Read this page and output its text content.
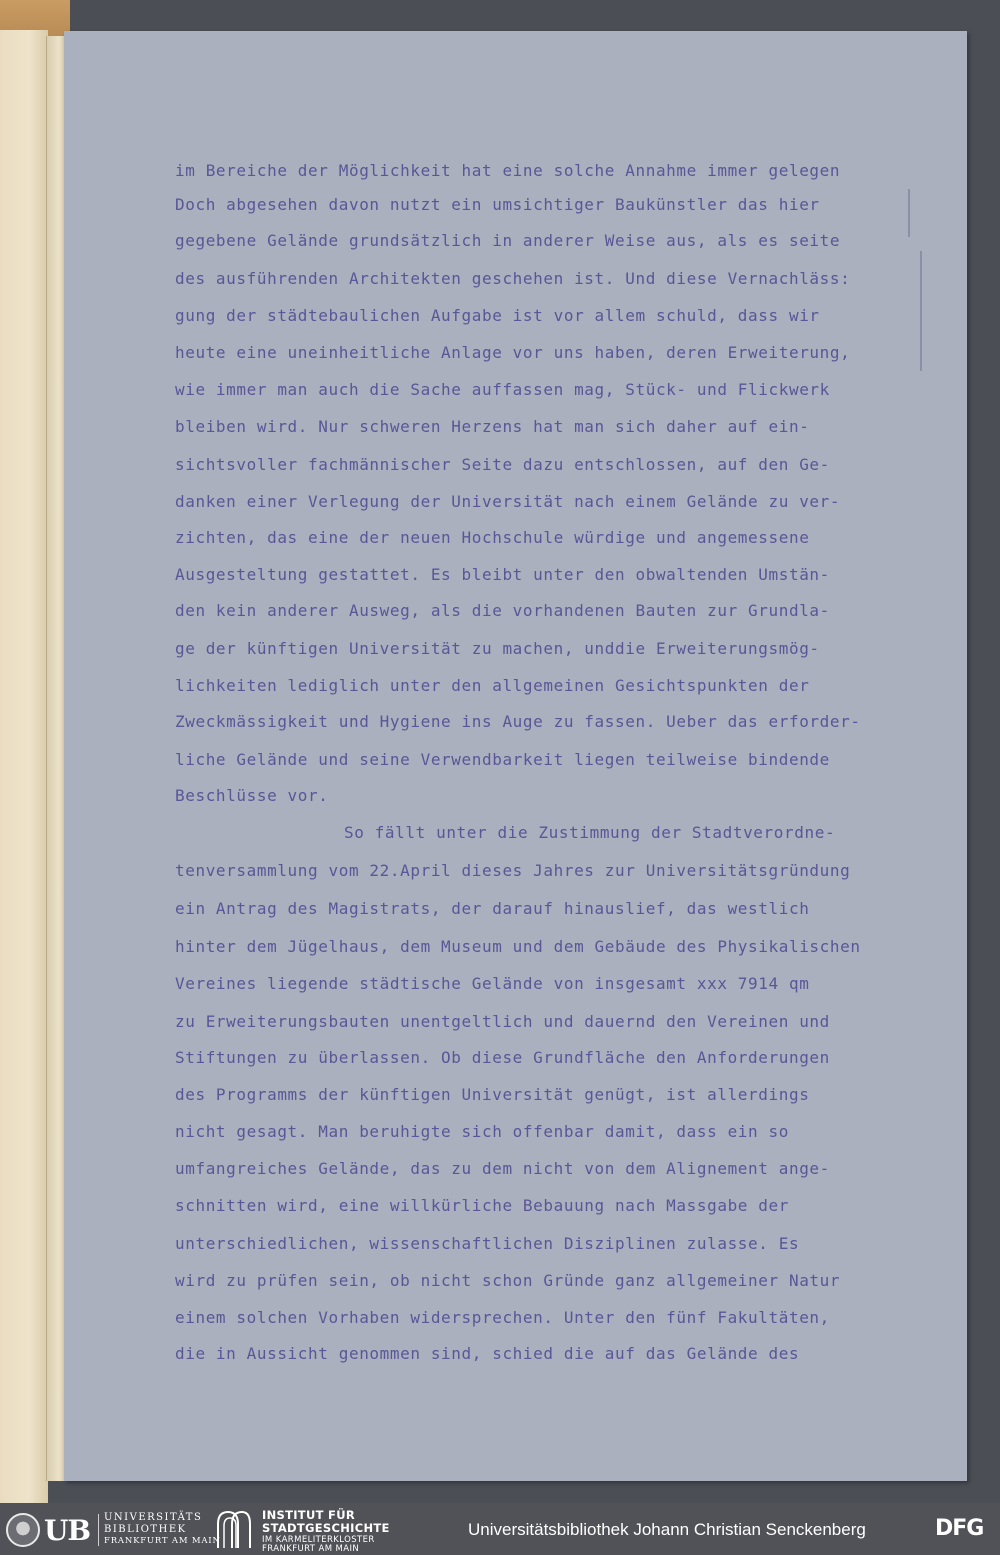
im Bereiche der Möglichkeit hat eine solche Annahme immer gelegen
Doch abgesehen davon nutzt ein umsichtiger Baukünstler das hier
gegebene Gelände grundsätzlich in anderer Weise aus, als es seite
des ausführenden Architekten geschehen ist. Und diese Vernachläss:
gung der städtebaulichen Aufgabe ist vor allem schuld, dass wir
heute eine uneinheitliche Anlage vor uns haben, deren Erweiterung,
wie immer man auch die Sache auffassen mag, Stück- und Flickwerk
bleiben wird. Nur schweren Herzens hat man sich daher auf ein-
sichtsvoller fachmännischer Seite dazu entschlossen, auf den Ge-
danken einer Verlegung der Universität nach einem Gelände zu ver-
zichten, das eine der neuen Hochschule würdige und angemessene
Ausgesteltung gestattet. Es bleibt unter den obwaltenden Umstän-
den kein anderer Ausweg, als die vorhandenen Bauten zur Grundla-
ge der künftigen Universität zu machen, unddie Erweiterungsmög-
lichkeiten lediglich unter den allgemeinen Gesichtspunkten der
Zweckmässigkeit und Hygiene ins Auge zu fassen. Ueber das erforder-
liche Gelände und seine Verwendbarkeit liegen teilweise bindende
Beschlüsse vor.
So fällt unter die Zustimmung der Stadtverordne-
tenversammlung vom 22.April dieses Jahres zur Universitätsgründung
ein Antrag des Magistrats, der darauf hinauslief, das westlich
hinter dem Jügelhaus, dem Museum und dem Gebäude des Physikalischen
Vereines liegende städtische Gelände von insgesamt xxx 7914 qm
zu Erweiterungsbauten unentgeltlich und dauernd den Vereinen und
Stiftungen zu überlassen. Ob diese Grundfläche den Anforderungen
des Programms der künftigen Universität genügt, ist allerdings
nicht gesagt. Man beruhigte sich offenbar damit, dass ein so
umfangreiches Gelände, das zu dem nicht von dem Alignement ange-
schnitten wird, eine willkürliche Bebauung nach Massgabe der
unterschiedlichen, wissenschaftlichen Disziplinen zulasse. Es
wird zu prüfen sein, ob nicht schon Gründe ganz allgemeiner Natur
einem solchen Vorhaben widersprechen. Unter den fünf Fakultäten,
die in Aussicht genommen sind, schied die auf das Gelände des
UB UNIVERSITÄTS
BIBLIOTHEK
FRANKFURT AM MAIN
INSTITUT FÜR
STADTGESCHICHTE
IM KARMELITERKLOSTER
FRANKFURT AM MAIN
Universitätsbibliothek Johann Christian Senckenberg	DFG
